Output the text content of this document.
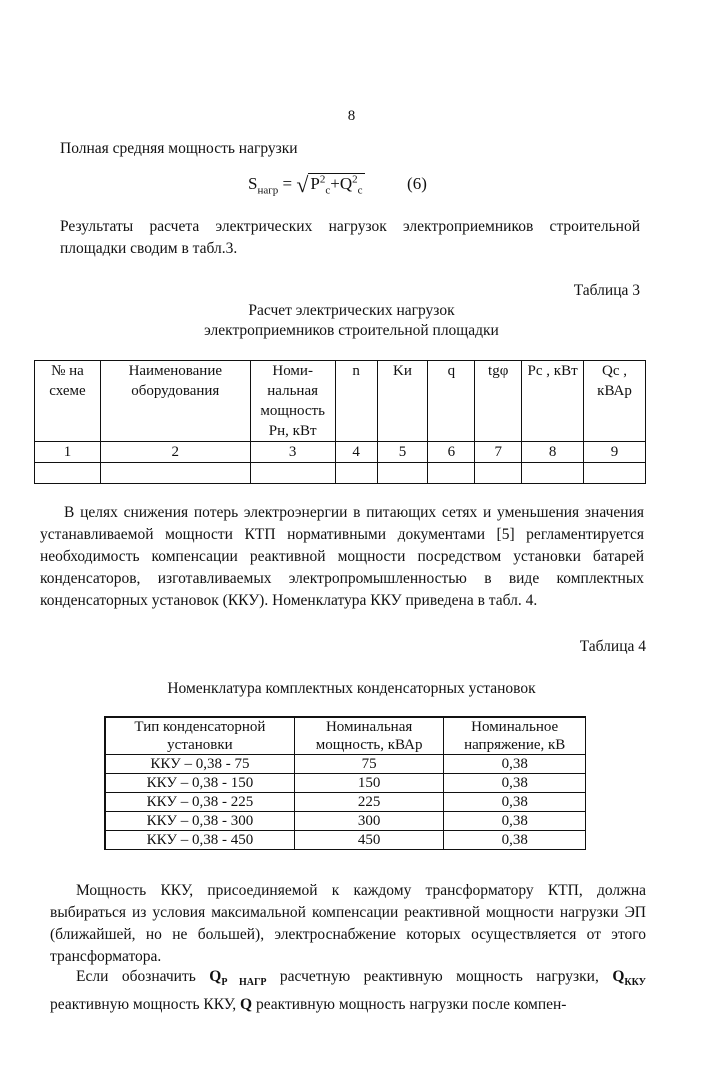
8
Полная средняя мощность нагрузки
$S_{нагр}$ = √ $P^2_с+Q^2_с$	(6)
Результаты расчета электрических нагрузок электроприемников строительной площадки сводим в табл.3.
Таблица 3
Расчет электрических нагрузок
электроприемников строительной площадки
№ на схеме	Наименование оборудования	Номи-нальная мощность Pн, кВт	n	Kи	q	tgφ	Pс , кВт	Qс , кВАр
1	2	3	4	5	6	7	8	9

В целях снижения потерь электроэнергии в питающих сетях и уменьшения значения устанавливаемой мощности КТП нормативными документами [5] регламентируется необходимость компенсации реактивной мощности посредством установки батарей конденсаторов, изготавливаемых электропромышленностью в виде комплектных конденсаторных установок (ККУ). Номенклатура ККУ приведена в табл. 4.
Таблица 4
Номенклатура комплектных конденсаторных установок
Тип конденсаторной установки	Номинальная мощность, кВАр	Номинальное напряжение, кВ
ККУ – 0,38 - 75	75	0,38
ККУ – 0,38 - 150	150	0,38
ККУ – 0,38 - 225	225	0,38
ККУ – 0,38 - 300	300	0,38
ККУ – 0,38 - 450	450	0,38
Мощность ККУ, присоединяемой к каждому трансформатору КТП, должна выбираться из условия максимальной компенсации реактивной мощности нагрузки ЭП (ближайшей, но не большей), электроснабжение которых осуществляется от этого трансформатора.
Если обозначить $Q_{P НАГР}$ расчетную реактивную мощность нагрузки, $Q_{ККУ}$ реактивную мощность ККУ, Q реактивную мощность нагрузки после компен-
